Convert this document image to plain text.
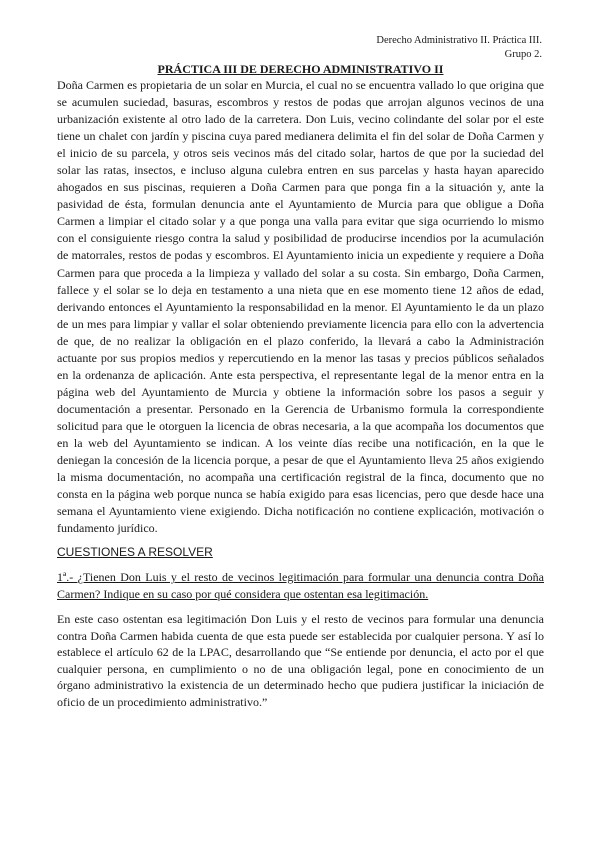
Derecho Administrativo II. Práctica III.
Grupo 2.
PRÁCTICA III DE DERECHO ADMINISTRATIVO II

Doña Carmen es propietaria de un solar en Murcia, el cual no se encuentra vallado lo que origina que se acumulen suciedad, basuras, escombros y restos de podas que arrojan algunos vecinos de una urbanización existente al otro lado de la carretera. Don Luis, vecino colindante del solar por el este tiene un chalet con jardín y piscina cuya pared medianera delimita el fin del solar de Doña Carmen y el inicio de su parcela, y otros seis vecinos más del citado solar, hartos de que por la suciedad del solar las ratas, insectos, e incluso alguna culebra entren en sus parcelas y hasta hayan aparecido ahogados en sus piscinas, requieren a Doña Carmen para que ponga fin a la situación y, ante la pasividad de ésta, formulan denuncia ante el Ayuntamiento de Murcia para que obligue a Doña Carmen a limpiar el citado solar y a que ponga una valla para evitar que siga ocurriendo lo mismo con el consiguiente riesgo contra la salud y posibilidad de producirse incendios por la acumulación de matorrales, restos de podas y escombros. El Ayuntamiento inicia un expediente y requiere a Doña Carmen para que proceda a la limpieza y vallado del solar a su costa. Sin embargo, Doña Carmen, fallece y el solar se lo deja en testamento a una nieta que en ese momento tiene 12 años de edad, derivando entonces el Ayuntamiento la responsabilidad en la menor. El Ayuntamiento le da un plazo de un mes para limpiar y vallar el solar obteniendo previamente licencia para ello con la advertencia de que, de no realizar la obligación en el plazo conferido, la llevará a cabo la Administración actuante por sus propios medios y repercutiendo en la menor las tasas y precios públicos señalados en la ordenanza de aplicación. Ante esta perspectiva, el representante legal de la menor entra en la página web del Ayuntamiento de Murcia y obtiene la información sobre los pasos a seguir y documentación a presentar. Personado en la Gerencia de Urbanismo formula la correspondiente solicitud para que le otorguen la licencia de obras necesaria, a la que acompaña los documentos que en la web del Ayuntamiento se indican. A los veinte días recibe una notificación, en la que le deniegan la concesión de la licencia porque, a pesar de que el Ayuntamiento lleva 25 años exigiendo la misma documentación, no acompaña una certificación registral de la finca, documento que no consta en la página web porque nunca se había exigido para esas licencias, pero que desde hace una semana el Ayuntamiento viene exigiendo. Dicha notificación no contiene explicación, motivación o fundamento jurídico.

CUESTIONES A RESOLVER

1ª.- ¿Tienen Don Luis y el resto de vecinos legitimación para formular una denuncia contra Doña Carmen? Indique en su caso por qué considera que ostentan esa legitimación.

En este caso ostentan esa legitimación Don Luis y el resto de vecinos para formular una denuncia contra Doña Carmen habida cuenta de que esta puede ser establecida por cualquier persona. Y así lo establece el artículo 62 de la LPAC, desarrollando que “Se entiende por denuncia, el acto por el que cualquier persona, en cumplimiento o no de una obligación legal, pone en conocimiento de un órgano administrativo la existencia de un determinado hecho que pudiera justificar la iniciación de oficio de un procedimiento administrativo.”
